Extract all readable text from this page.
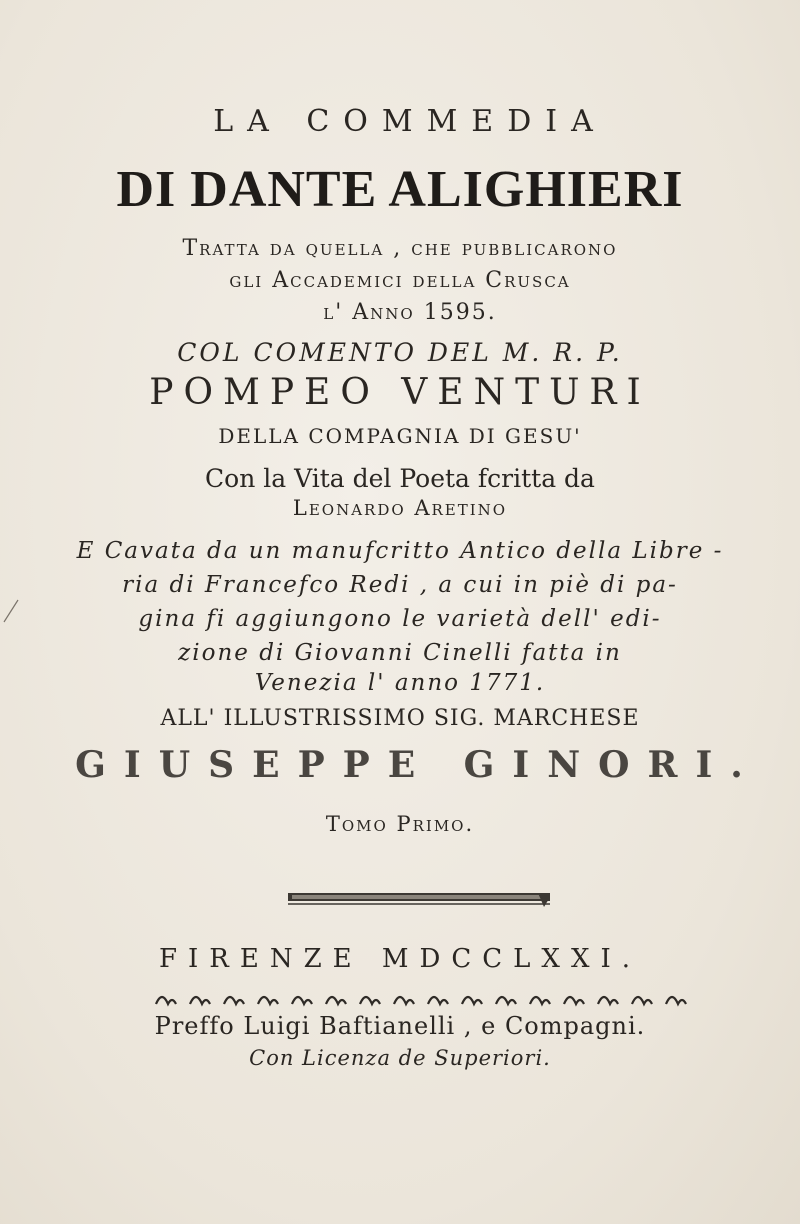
LA COMMEDIA
DI DANTE ALIGHIERI
Tratta da quella , che pubblicarono
gli Accademici della Crusca
l' Anno 1595.
COL COMENTO DEL M. R. P.
POMPEO VENTURI
DELLA COMPAGNIA DI GESU'
Con la Vita del Poeta fcritta da
Leonardo Aretino
E Cavata da un manufcritto Antico della Libre -
ria di Francefco Redi , a cui in piè di pa-
gina fi aggiungono le varietà dell' edi-
zione di Giovanni Cinelli fatta in
Venezia l' anno 1771.
ALL' ILLUSTRISSIMO SIG. MARCHESE
GIUSEPPE GINORI.
Tomo Primo.
FIRENZE MDCCLXXI.
Preffo Luigi Baftianelli , e Compagni.
Con Licenza de Superiori.
